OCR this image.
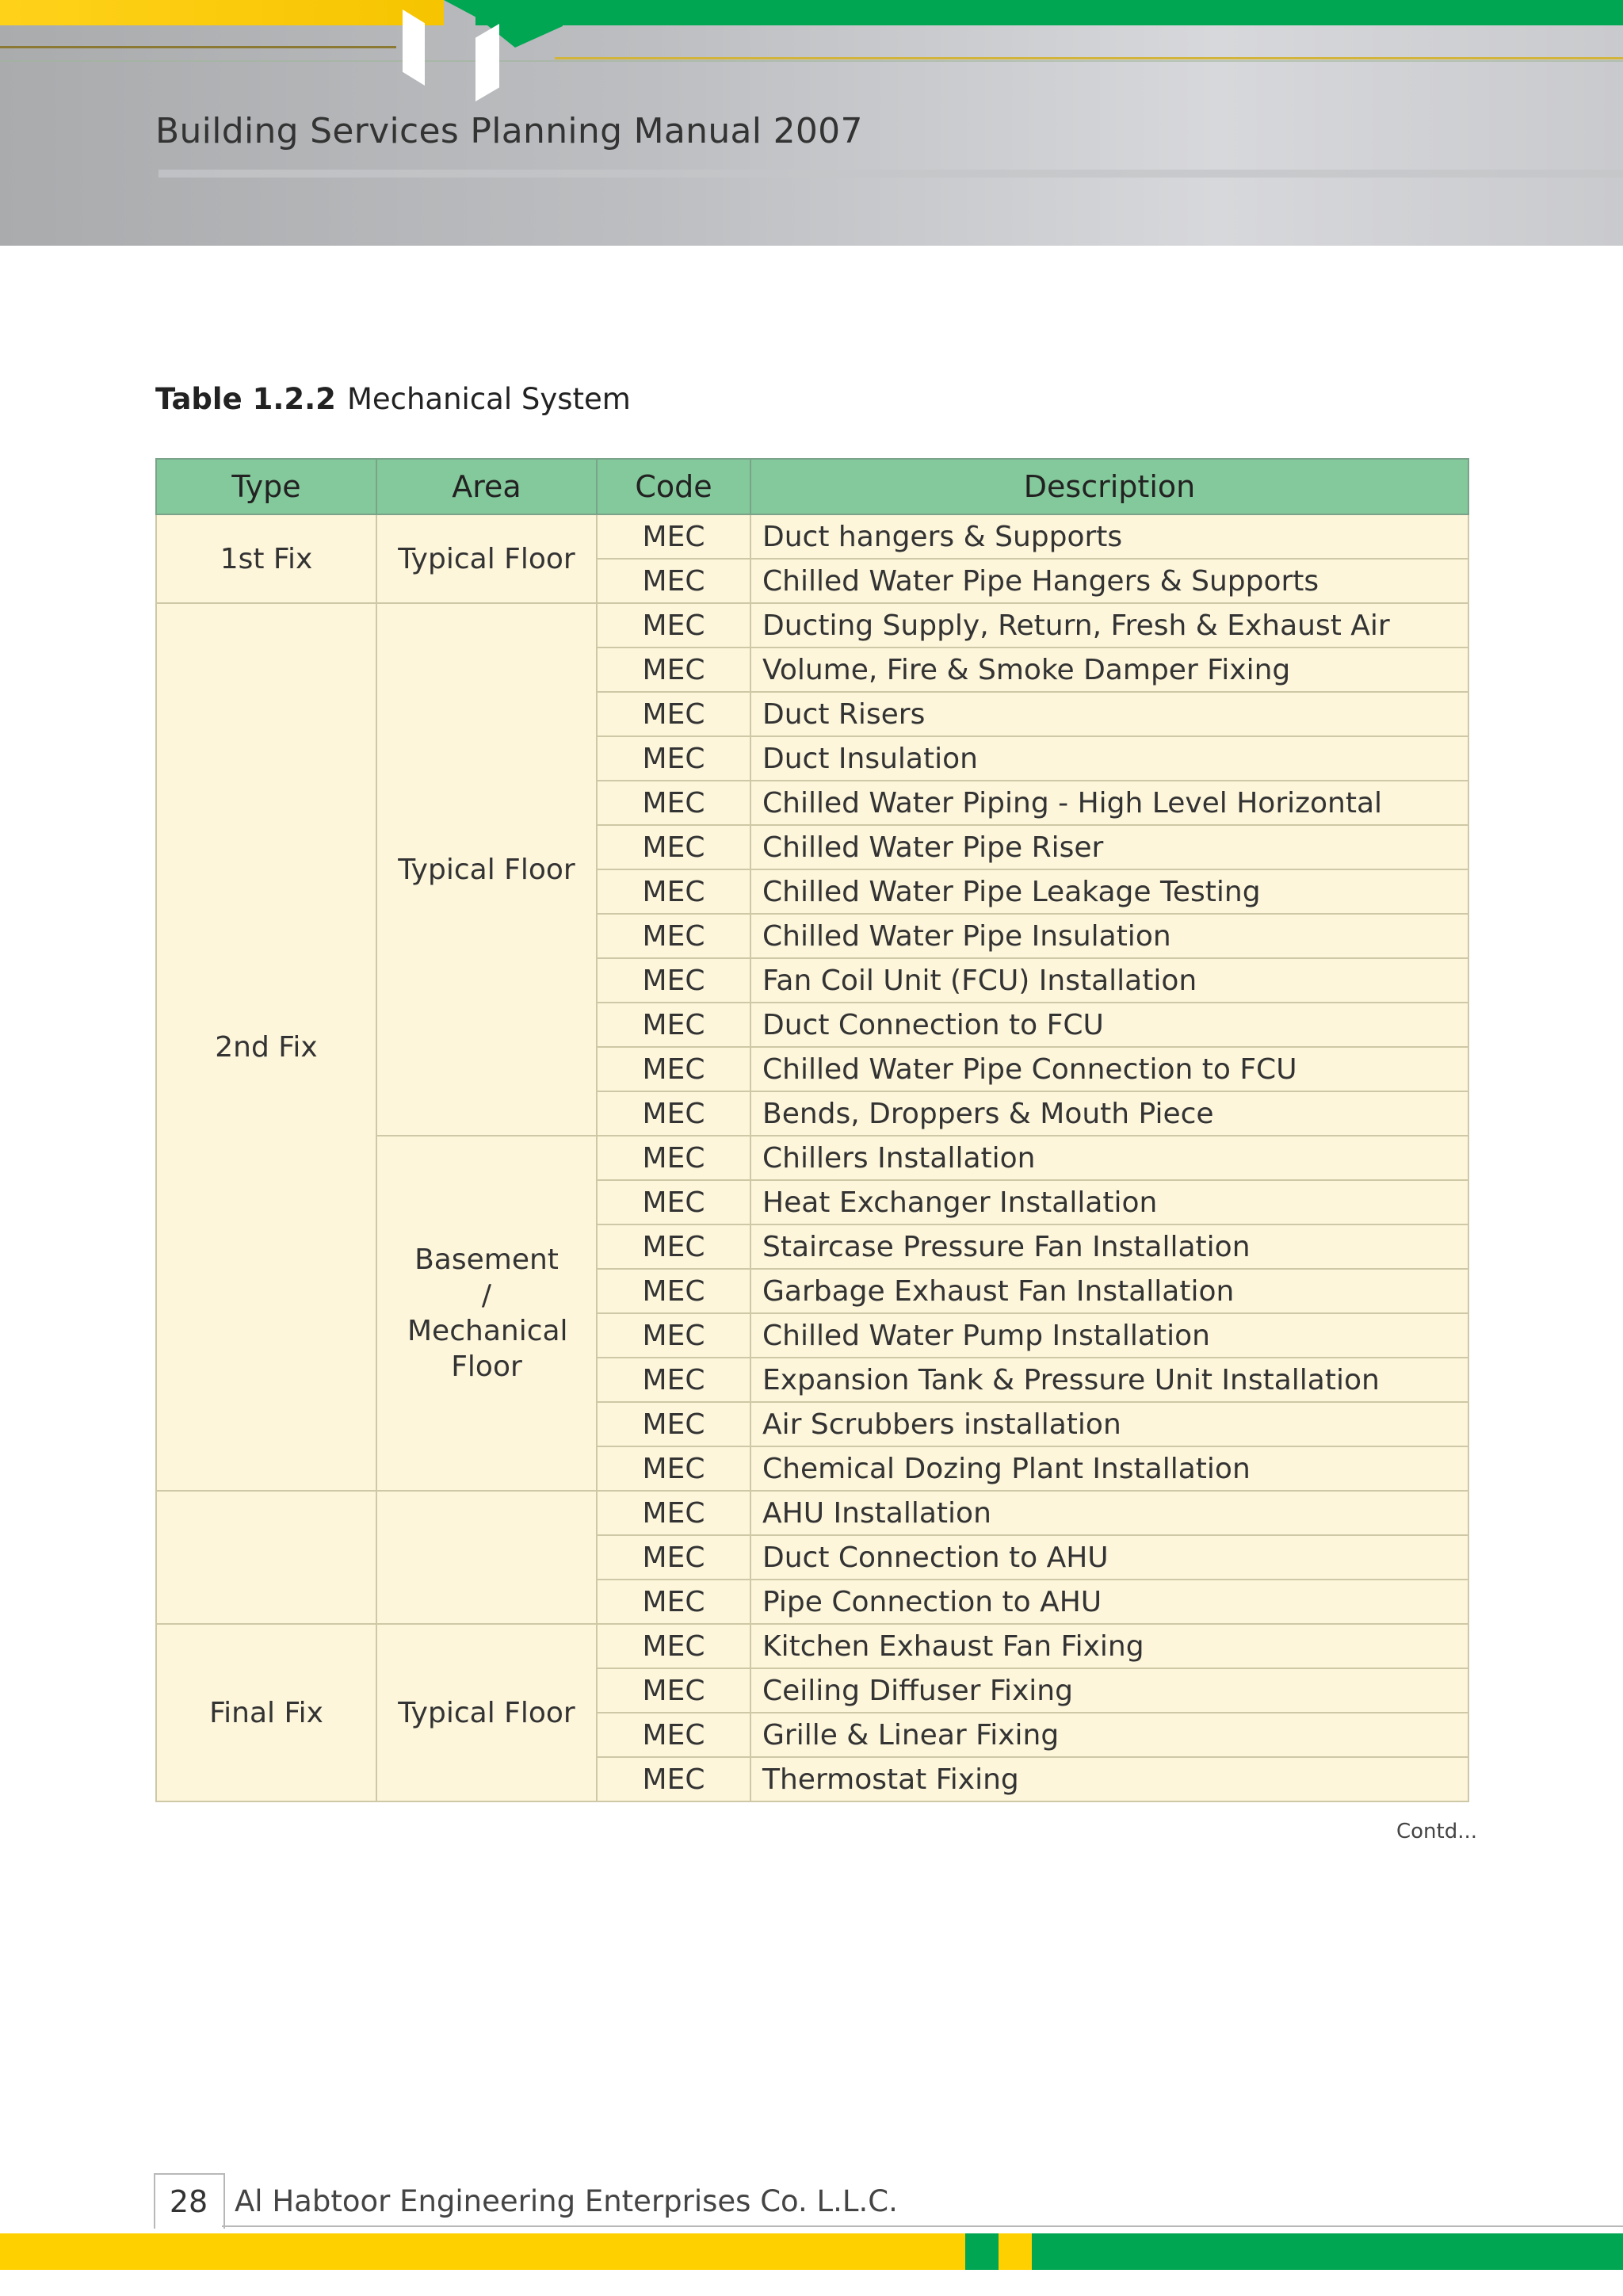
Building Services Planning Manual 2007
Table 1.2.2 Mechanical System
Type	Area	Code	Description
1st Fix	Typical Floor	MEC	Duct hangers & Supports
		MEC	Chilled Water Pipe Hangers & Supports
2nd Fix	Typical Floor	MEC	Ducting Supply, Return, Fresh & Exhaust Air
		MEC	Volume, Fire & Smoke Damper Fixing
		MEC	Duct Risers
		MEC	Duct Insulation
		MEC	Chilled Water Piping - High Level Horizontal
		MEC	Chilled Water Pipe Riser
		MEC	Chilled Water Pipe Leakage Testing
		MEC	Chilled Water Pipe Insulation
		MEC	Fan Coil Unit (FCU) Installation
		MEC	Duct Connection to FCU
		MEC	Chilled Water Pipe Connection to FCU
		MEC	Bends, Droppers & Mouth Piece
	Basement / Mechanical Floor	MEC	Chillers Installation
		MEC	Heat Exchanger Installation
		MEC	Staircase Pressure Fan Installation
		MEC	Garbage Exhaust Fan Installation
		MEC	Chilled Water Pump Installation
		MEC	Expansion Tank & Pressure Unit Installation
		MEC	Air Scrubbers installation
		MEC	Chemical Dozing Plant Installation
		MEC	AHU Installation
		MEC	Duct Connection to AHU
		MEC	Pipe Connection to AHU
Final Fix	Typical Floor	MEC	Kitchen Exhaust Fan Fixing
		MEC	Ceiling Diffuser Fixing
		MEC	Grille & Linear Fixing
		MEC	Thermostat Fixing
Contd...
28 Al Habtoor Engineering Enterprises Co. L.L.C.
